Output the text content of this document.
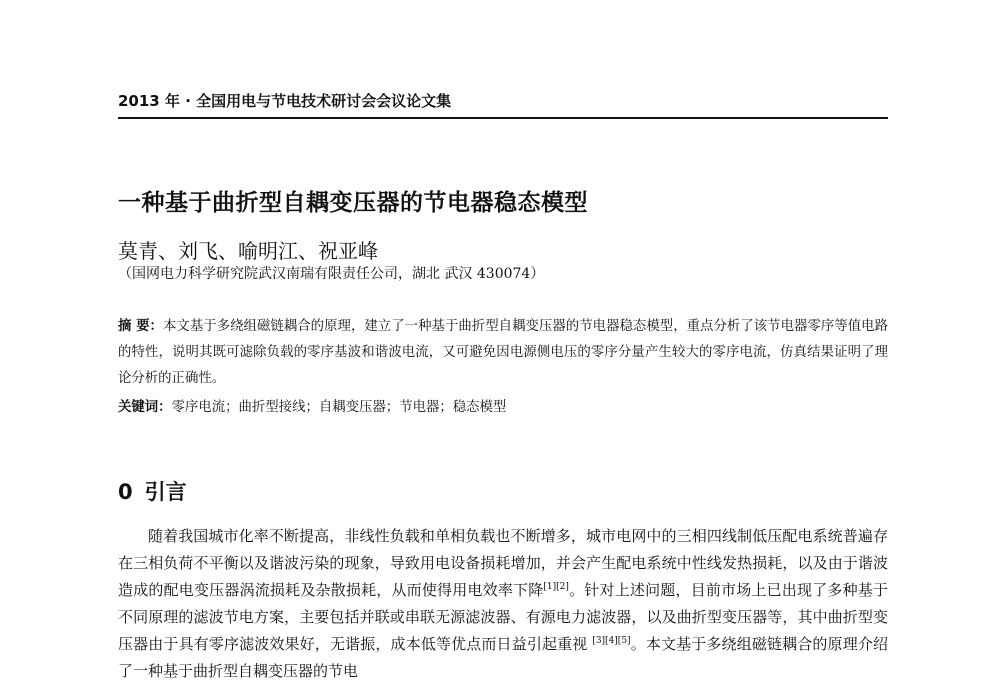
2013 年 · 全国用电与节电技术研讨会会议论文集
一种基于曲折型自耦变压器的节电器稳态模型
莫青、刘飞、喻明江、祝亚峰
（国网电力科学研究院武汉南瑞有限责任公司，湖北 武汉 430074）
摘 要：本文基于多绕组磁链耦合的原理，建立了一种基于曲折型自耦变压器的节电器稳态模型，重点分析了该节电器零序等值电路的特性，说明其既可滤除负载的零序基波和谐波电流，又可避免因电源侧电压的零序分量产生较大的零序电流，仿真结果证明了理论分析的正确性。
关键词：零序电流；曲折型接线；自耦变压器；节电器；稳态模型
0 引言

随着我国城市化率不断提高，非线性负载和单相负载也不断增多，城市电网中的三相四线制低压配电系统普遍存在三相负荷不平衡以及谐波污染的现象，导致用电设备损耗增加，并会产生配电系统中性线发热损耗，以及由于谐波造成的配电变压器涡流损耗及杂散损耗，从而使得用电效率下降[1][2]。针对上述问题，目前市场上已出现了多种基于不同原理的滤波节电方案，主要包括并联或串联无源滤波器、有源电力滤波器，以及曲折型变压器等，其中曲折型变压器由于具有零序滤波效果好，无谐振，成本低等优点而日益引起重视 [3][4][5]。本文基于多绕组磁链耦合的原理介绍了一种基于曲折型自耦变压器的节电
